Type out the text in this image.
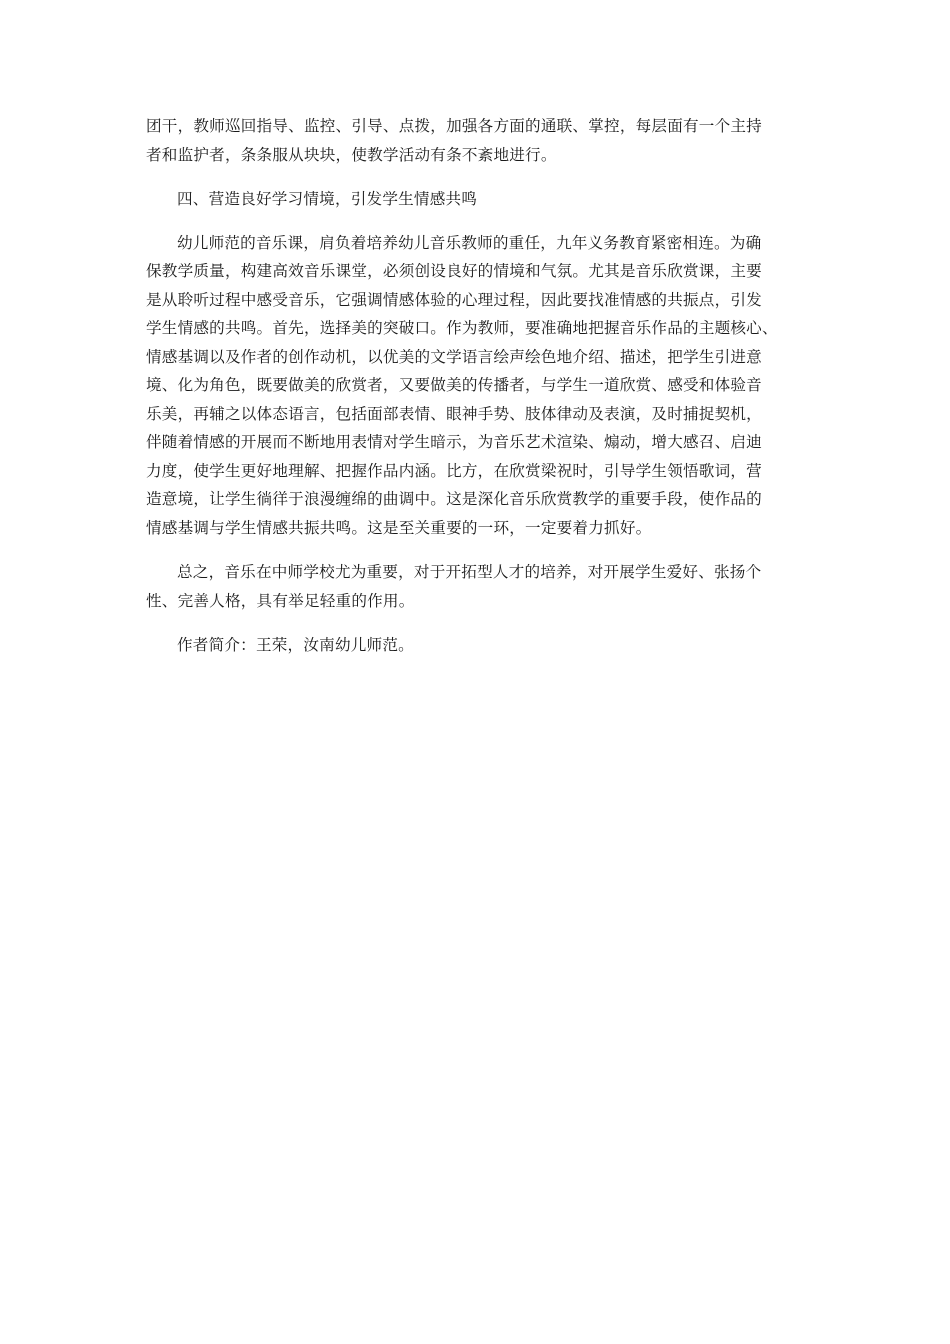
团干，教师巡回指导、监控、引导、点拨，加强各方面的通联、掌控，每层面有一个主持
者和监护者，条条服从块块，使教学活动有条不紊地进行。

四、营造良好学习情境，引发学生情感共鸣

幼儿师范的音乐课，肩负着培养幼儿音乐教师的重任，九年义务教育紧密相连。为确
保教学质量，构建高效音乐课堂，必须创设良好的情境和气氛。尤其是音乐欣赏课，主要
是从聆听过程中感受音乐，它强调情感体验的心理过程，因此要找准情感的共振点，引发
学生情感的共鸣。首先，选择美的突破口。作为教师，要准确地把握音乐作品的主题核心、
情感基调以及作者的创作动机，以优美的文学语言绘声绘色地介绍、描述，把学生引进意
境、化为角色，既要做美的欣赏者，又要做美的传播者，与学生一道欣赏、感受和体验音
乐美，再辅之以体态语言，包括面部表情、眼神手势、肢体律动及表演，及时捕捉契机，
伴随着情感的开展而不断地用表情对学生暗示，为音乐艺术渲染、煽动，增大感召、启迪
力度，使学生更好地理解、把握作品内涵。比方，在欣赏梁祝时，引导学生领悟歌词，营
造意境，让学生徜徉于浪漫缠绵的曲调中。这是深化音乐欣赏教学的重要手段，使作品的
情感基调与学生情感共振共鸣。这是至关重要的一环，一定要着力抓好。

总之，音乐在中师学校尤为重要，对于开拓型人才的培养，对开展学生爱好、张扬个
性、完善人格，具有举足轻重的作用。

作者简介：王荣，汝南幼儿师范。
